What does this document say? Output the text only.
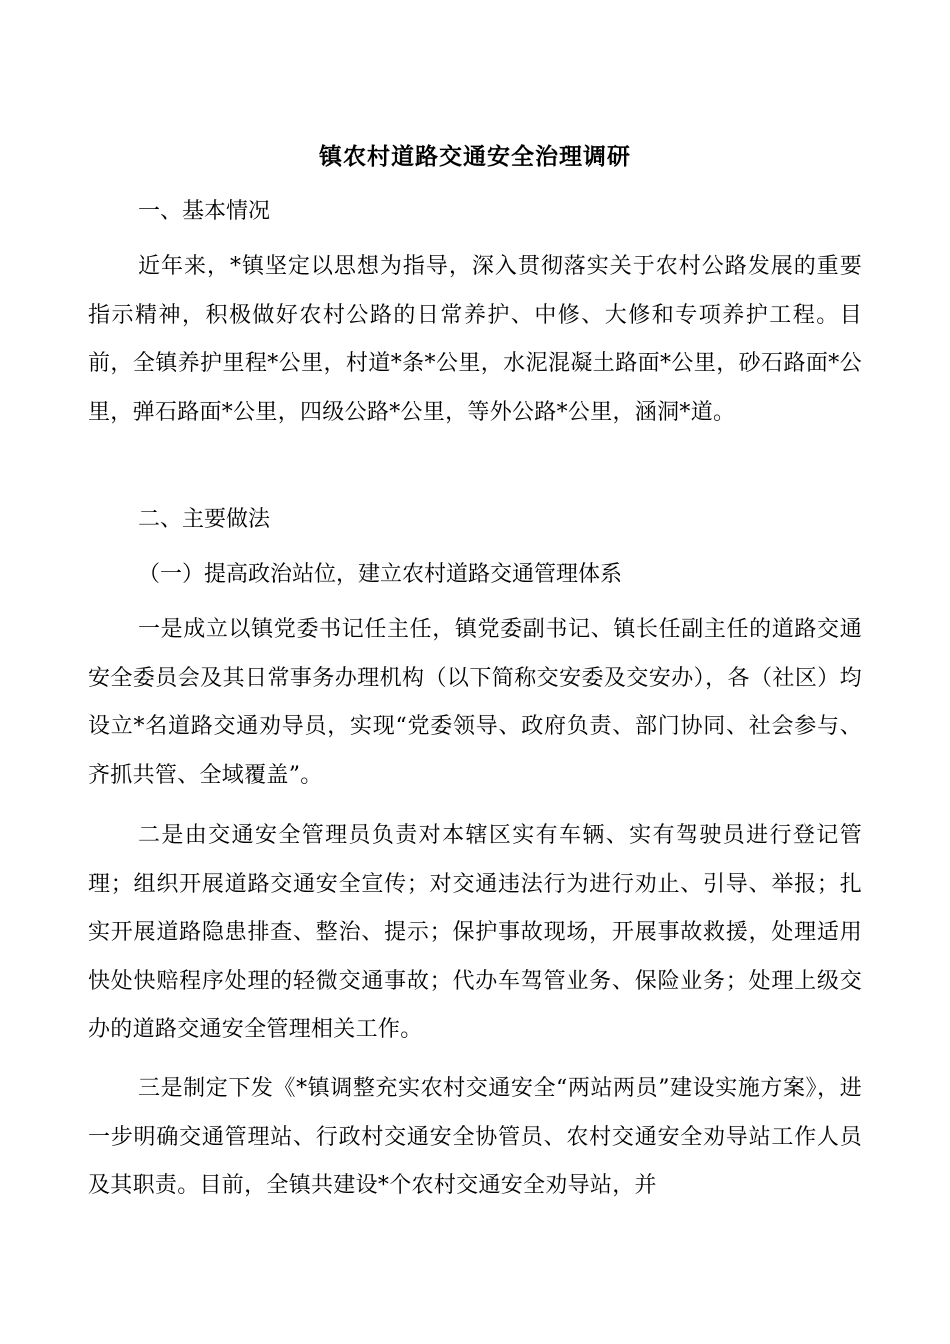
镇农村道路交通安全治理调研
一、基本情况
近年来，*镇坚定以思想为指导，深入贯彻落实关于农村公路发展的重要指示精神，积极做好农村公路的日常养护、中修、大修和专项养护工程。目前，全镇养护里程*公里，村道*条*公里，水泥混凝土路面*公里，砂石路面*公里，弹石路面*公里，四级公路*公里，等外公路*公里，涵洞*道。
二、主要做法
（一）提高政治站位，建立农村道路交通管理体系
一是成立以镇党委书记任主任，镇党委副书记、镇长任副主任的道路交通安全委员会及其日常事务办理机构（以下简称交安委及交安办），各（社区）均设立*名道路交通劝导员，实现“党委领导、政府负责、部门协同、社会参与、齐抓共管、全域覆盖”。
二是由交通安全管理员负责对本辖区实有车辆、实有驾驶员进行登记管理；组织开展道路交通安全宣传；对交通违法行为进行劝止、引导、举报；扎实开展道路隐患排查、整治、提示；保护事故现场，开展事故救援，处理适用快处快赔程序处理的轻微交通事故；代办车驾管业务、保险业务；处理上级交办的道路交通安全管理相关工作。
三是制定下发《*镇调整充实农村交通安全“两站两员”建设实施方案》，进一步明确交通管理站、行政村交通安全协管员、农村交通安全劝导站工作人员及其职责。目前，全镇共建设*个农村交通安全劝导站，并
